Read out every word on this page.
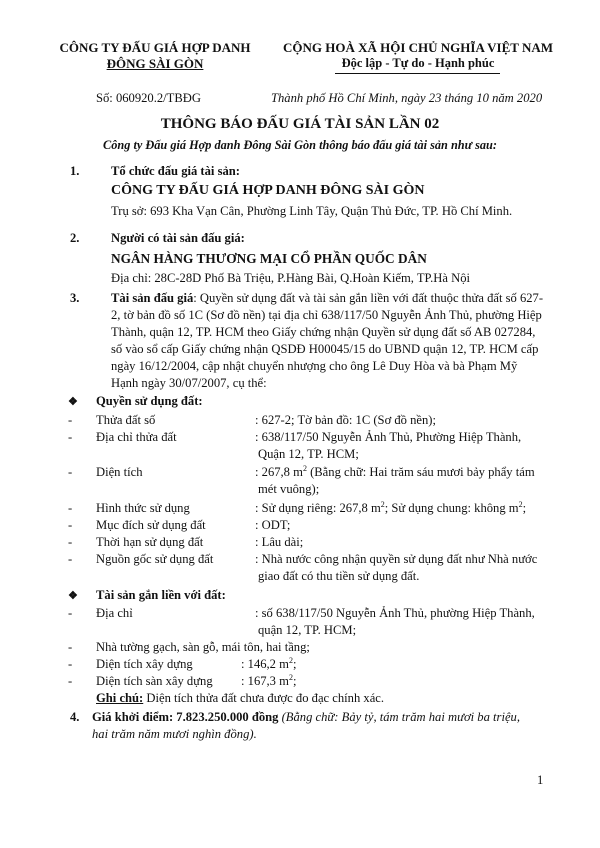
CÔNG TY ĐẤU GIÁ HỢP DANH
ĐÔNG SÀI GÒN
CỘNG HOÀ XÃ HỘI CHỦ NGHĨA VIỆT NAM
Độc lập - Tự do - Hạnh phúc
Số: 060920.2/TBĐG	Thành phố Hồ Chí Minh, ngày 23 tháng 10 năm 2020
THÔNG BÁO ĐẤU GIÁ TÀI SẢN LẦN 02
Công ty Đấu giá Hợp danh Đông Sài Gòn thông báo đấu giá tài sản như sau:
1.	Tổ chức đấu giá tài sản:
CÔNG TY ĐẤU GIÁ HỢP DANH ĐÔNG SÀI GÒN
Trụ sở: 693 Kha Vạn Cân, Phường Linh Tây, Quận Thủ Đức, TP. Hồ Chí Minh.
2.	Người có tài sản đấu giá:
NGÂN HÀNG THƯƠNG MẠI CỔ PHẦN QUỐC DÂN
Địa chỉ: 28C-28D Phố Bà Triệu, P.Hàng Bài, Q.Hoàn Kiếm, TP.Hà Nội
3.	Tài sản đấu giá: Quyền sử dụng đất và tài sản gắn liền với đất thuộc thửa đất số 627-
2, tờ bản đồ số 1C (Sơ đồ nền) tại địa chỉ 638/117/50 Nguyễn Ảnh Thủ, phường Hiệp
Thành, quận 12, TP. HCM theo Giấy chứng nhận Quyền sử dụng đất số AB 027284,
số vào sổ cấp Giấy chứng nhận QSDĐ H00045/15 do UBND quận 12, TP. HCM cấp
ngày 16/12/2004, cập nhật chuyển nhượng cho ông Lê Duy Hòa và bà Phạm Mỹ
Hạnh ngày 30/07/2007, cụ thể:
❖ Quyền sử dụng đất:
- Thửa đất số	: 627-2; Tờ bản đồ: 1C (Sơ đồ nền);
- Địa chỉ thửa đất	: 638/117/50 Nguyễn Ảnh Thủ, Phường Hiệp Thành,
Quận 12, TP. HCM;
- Diện tích	: 267,8 $m^2$ (Bằng chữ: Hai trăm sáu mươi bảy phẩy tám
mét vuông);
- Hình thức sử dụng	: Sử dụng riêng: 267,8 $m^2$; Sử dụng chung: không $m^2$;
- Mục đích sử dụng đất	: ODT;
- Thời hạn sử dụng đất	: Lâu dài;
- Nguồn gốc sử dụng đất	: Nhà nước công nhận quyền sử dụng đất như Nhà nước
giao đất có thu tiền sử dụng đất.
❖ Tài sản gắn liền với đất:
- Địa chỉ	: số 638/117/50 Nguyễn Ảnh Thủ, phường Hiệp Thành,
quận 12, TP. HCM;
- Nhà tường gạch, sàn gỗ, mái tôn, hai tầng;
- Diện tích xây dựng	: 146,2 $m^2$;
- Diện tích sàn xây dựng : 167,3 $m^2$;
Ghi chú: Diện tích thửa đất chưa được đo đạc chính xác.
4. Giá khởi điểm: 7.823.250.000 đồng (Bằng chữ: Bảy tỷ, tám trăm hai mươi ba triệu,
hai trăm năm mươi nghìn đồng).
1
